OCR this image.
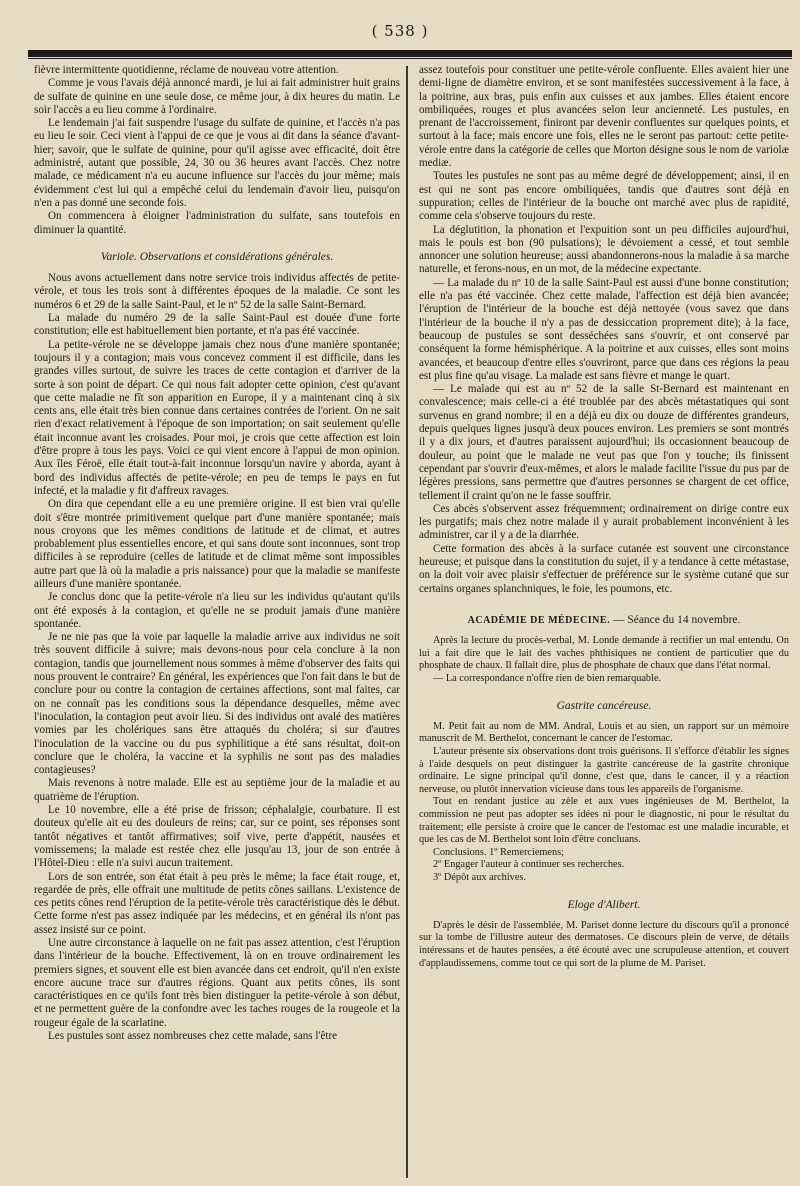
( 538 )

fièvre intermittente quotidienne, réclame de nouveau votre attention.

Comme je vous l'avais déjà annoncé mardi, je lui ai fait administrer huit grains de sulfate de quinine en une seule dose, ce même jour, à dix heures du matin. Le soir l'accès a eu lieu comme à l'ordinaire.

Le lendemain j'ai fait suspendre l'usage du sulfate de quinine, et l'accès n'a pas eu lieu le soir. Ceci vient à l'appui de ce que je vous ai dit dans la séance d'avant-hier; savoir, que le sulfate de quinine, pour qu'il agisse avec efficacité, doit être administré, autant que possible, 24, 30 ou 36 heures avant l'accès. Chez notre malade, ce médicament n'a eu aucune influence sur l'accès du jour même; mais évidemment c'est lui qui a empêché celui du lendemain d'avoir lieu, puisqu'on n'en a pas donné une seconde fois.

On commencera à éloigner l'administration du sulfate, sans toutefois en diminuer la quantité.

Variole. Observations et considérations générales.

Nous avons actuellement dans notre service trois individus affectés de petite-vérole, et tous les trois sont à différentes époques de la maladie. Ce sont les numéros 6 et 29 de la salle Saint-Paul, et le nº 52 de la salle Saint-Bernard.

La malade du numéro 29 de la salle Saint-Paul est douée d'une forte constitution; elle est habituellement bien portante, et n'a pas été vaccinée.

La petite-vérole ne se développe jamais chez nous d'une manière spontanée; toujours il y a contagion; mais vous concevez comment il est difficile, dans les grandes villes surtout, de suivre les traces de cette contagion et d'arriver de la sorte à son point de départ. Ce qui nous fait adopter cette opinion, c'est qu'avant que cette maladie ne fît son apparition en Europe, il y a maintenant cinq à six cents ans, elle était très bien connue dans certaines contrées de l'orient. On ne sait rien d'exact relativement à l'époque de son importation; on sait seulement qu'elle était inconnue avant les croisades. Pour moi, je crois que cette affection est loin d'être propre à tous les pays. Voici ce qui vient encore à l'appui de mon opinion. Aux îles Féroë, elle était tout-à-fait inconnue lorsqu'un navire y aborda, ayant à bord des individus affectés de petite-vérole; en peu de temps le pays en fut infecté, et la maladie y fit d'affreux ravages.

On dira que cependant elle a eu une première origine. Il est bien vrai qu'elle doit s'être montrée primitivement quelque part d'une manière spontanée; mais nous croyons que les mêmes conditions de latitude et de climat, et autres probablement plus essentielles encore, et qui sans doute sont inconnues, sont trop difficiles à se reproduire (celles de latitude et de climat même sont impossibles autre part que là où la maladie a pris naissance) pour que la maladie se manifeste ailleurs d'une manière spontanée.

Je conclus donc que la petite-vérole n'a lieu sur les individus qu'autant qu'ils ont été exposés à la contagion, et qu'elle ne se produit jamais d'une manière spontanée.

Je ne nie pas que la voie par laquelle la maladie arrive aux individus ne soit très souvent difficile à suivre; mais devons-nous pour cela conclure à la non contagion, tandis que journellement nous sommes à même d'observer des faits qui nous prouvent le contraire? En général, les expériences que l'on fait dans le but de conclure pour ou contre la contagion de certaines affections, sont mal faites, car on ne connaît pas les conditions sous la dépendance desquelles, même avec l'inoculation, la contagion peut avoir lieu. Si des individus ont avalé des matières vomies par les cholériques sans être attaqués du choléra; si sur d'autres l'inoculation de la vaccine ou du pus syphilitique a été sans résultat, doit-on conclure que le choléra, la vaccine et la syphilis ne sont pas des maladies contagieuses?

Mais revenons à notre malade. Elle est au septième jour de la maladie et au quatrième de l'éruption.

Le 10 novembre, elle a été prise de frisson; céphalalgie, courbature. Il est douteux qu'elle ait eu des douleurs de reins; car, sur ce point, ses réponses sont tantôt négatives et tantôt affirmatives; soif vive, perte d'appétit, nausées et vomissemens; la malade est restée chez elle jusqu'au 13, jour de son entrée à l'Hôtel-Dieu : elle n'a suivi aucun traitement.

Lors de son entrée, son état était à peu près le même; la face était rouge, et, regardée de près, elle offrait une multitude de petits cônes saillans. L'existence de ces petits cônes rend l'éruption de la petite-vérole très caractéristique dès le début. Cette forme n'est pas assez indiquée par les médecins, et en général ils n'ont pas assez insisté sur ce point.

Une autre circonstance à laquelle on ne fait pas assez attention, c'est l'éruption dans l'intérieur de la bouche. Effectivement, là on en trouve ordinairement les premiers signes, et souvent elle est bien avancée dans cet endroit, qu'il n'en existe encore aucune trace sur d'autres régions. Quant aux petits cônes, ils sont caractéristiques en ce qu'ils font très bien distinguer la petite-vérole à son début, et ne permettent guère de la confondre avec les taches rouges de la rougeole et la rougeur égale de la scarlatine.

Les pustules sont assez nombreuses chez cette malade, sans l'être

assez toutefois pour constituer une petite-vérole confluente. Elles avaient hier une demi-ligne de diamètre environ, et se sont manifestées successivement à la face, à la poitrine, aux bras, puis enfin aux cuisses et aux jambes. Elles étaient encore ombiliquées, rouges et plus avancées selon leur ancienneté. Les pustules, en prenant de l'accroissement, finiront par devenir confluentes sur quelques points, et surtout à la face; mais encore une fois, elles ne le seront pas partout: cette petite-vérole entre dans la catégorie de celles que Morton désigne sous le nom de variolæ mediæ.

Toutes les pustules ne sont pas au même degré de développement; ainsi, il en est qui ne sont pas encore ombiliquées, tandis que d'autres sont déjà en suppuration; celles de l'intérieur de la bouche ont marché avec plus de rapidité, comme cela s'observe toujours du reste.

La déglutition, la phonation et l'expuition sont un peu difficiles aujourd'hui, mais le pouls est bon (90 pulsations); le dévoiement a cessé, et tout semble annoncer une solution heureuse; aussi abandonnerons-nous la maladie à sa marche naturelle, et ferons-nous, en un mot, de la médecine expectante.

— La malade du nº 10 de la salle Saint-Paul est aussi d'une bonne constitution; elle n'a pas été vaccinée. Chez cette malade, l'affection est déjà bien avancée; l'éruption de l'intérieur de la bouche est déjà nettoyée (vous savez que dans l'intérieur de la bouche il n'y a pas de dessiccation proprement dite); à la face, beaucoup de pustules se sont desséchées sans s'ouvrir, et ont conservé par conséquent la forme hémisphérique. A la poitrine et aux cuisses, elles sont moins avancées, et beaucoup d'entre elles s'ouvriront, parce que dans ces régions la peau est plus fine qu'au visage. La malade est sans fièvre et mange le quart.

— Le malade qui est au nº 52 de la salle St-Bernard est maintenant en convalescence; mais celle-ci a été troublée par des abcès métastatiques qui sont survenus en grand nombre; il en a déjà eu dix ou douze de différentes grandeurs, depuis quelques lignes jusqu'à deux pouces environ. Les premiers se sont montrés il y a dix jours, et d'autres paraissent aujourd'hui; ils occasionnent beaucoup de douleur, au point que le malade ne veut pas que l'on y touche; ils finissent cependant par s'ouvrir d'eux-mêmes, et alors le malade facilite l'issue du pus par de légères pressions, sans permettre que d'autres personnes se chargent de cet office, tellement il craint qu'on ne le fasse souffrir.

Ces abcès s'observent assez fréquemment; ordinairement on dirige contre eux les purgatifs; mais chez notre malade il y aurait probablement inconvénient à les administrer, car il y a de la diarrhée.

Cette formation des abcès à la surface cutanée est souvent une circonstance heureuse; et puisque dans la constitution du sujet, il y a tendance à cette métastase, on la doit voir avec plaisir s'effectuer de préférence sur le système cutané que sur certains organes splanchniques, le foie, les poumons, etc.

ACADÉMIE DE MÉDECINE. — Séance du 14 novembre.

Après la lecture du procès-verbal, M. Londe demande à rectifier un mal entendu. On lui a fait dire que le lait des vaches phthisiques ne contient de particulier que du phosphate de chaux. Il fallait dire, plus de phosphate de chaux que dans l'état normal.

— La correspondance n'offre rien de bien remarquable.

Gastrite cancéreuse.

M. Petit fait au nom de MM. Andral, Louis et au sien, un rapport sur un mémoire manuscrit de M. Berthelot, concernant le cancer de l'estomac.

L'auteur présente six observations dont trois guérisons. Il s'efforce d'établir les signes à l'aide desquels on peut distinguer la gastrite cancéreuse de la gastrite chronique ordinaire. Le signe principal qu'il donne, c'est que, dans le cancer, il y a réaction nerveuse, ou plutôt innervation vicieuse dans tous les appareils de l'organisme.

Tout en rendant justice au zèle et aux vues ingénieuses de M. Berthelot, la commission ne peut pas adopter ses idées ni pour le diagnostic, ni pour le résultat du traitement; elle persiste à croire que le cancer de l'estomac est une maladie incurable, et que les cas de M. Berthelot sont loin d'être concluans.

Conclusions. 1º Remerciemens;

2º Engager l'auteur à continuer ses recherches.

3º Dépôt aux archives.

Eloge d'Alibert.

D'après le désir de l'assemblée, M. Pariset donne lecture du discours qu'il a prononcé sur la tombe de l'illustre auteur des dermatoses. Ce discours plein de verve, de détails intéressans et de hautes pensées, a été écouté avec une scrupuleuse attention, et couvert d'applaudissemens, comme tout ce qui sort de la plume de M. Pariset.
